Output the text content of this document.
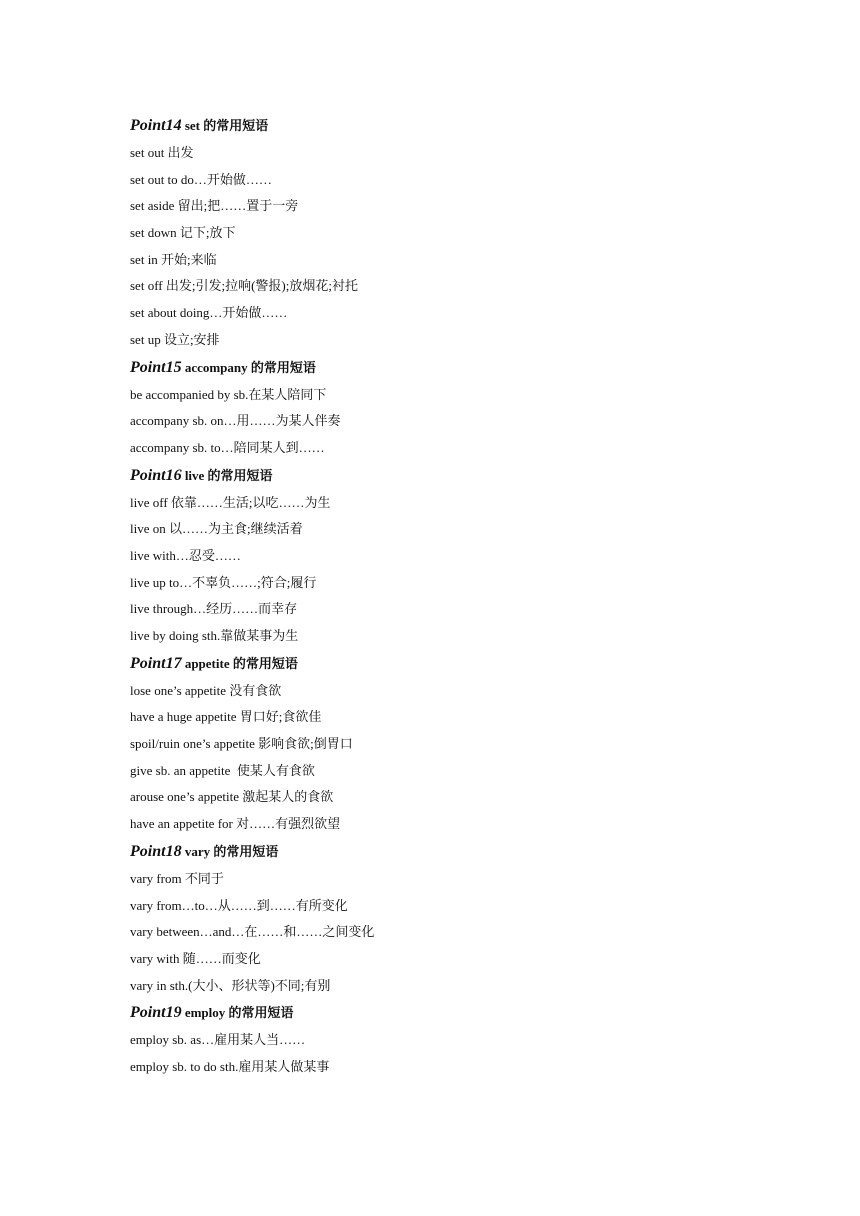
Point14 set 的常用短语
set out 出发
set out to do…开始做……
set aside 留出;把……置于一旁
set down 记下;放下
set in 开始;来临
set off 出发;引发;拉响(警报);放烟花;衬托
set about doing…开始做……
set up 设立;安排
Point15 accompany 的常用短语
be accompanied by sb.在某人陪同下
accompany sb. on…用……为某人伴奏
accompany sb. to…陪同某人到……
Point16 live 的常用短语
live off 依靠……生活;以吃……为生
live on 以……为主食;继续活着
live with…忍受……
live up to…不辜负……;符合;履行
live through…经历……而幸存
live by doing sth.靠做某事为生
Point17 appetite 的常用短语
lose one’s appetite 没有食欲
have a huge appetite 胃口好;食欲佳
spoil/ruin one’s appetite 影响食欲;倒胃口
give sb. an appetite  使某人有食欲
arouse one’s appetite 激起某人的食欲
have an appetite for 对……有强烈欲望
Point18 vary 的常用短语
vary from 不同于
vary from…to…从……到……有所变化
vary between…and…在……和……之间变化
vary with 随……而变化
vary in sth.(大小、形状等)不同;有别
Point19 employ 的常用短语
employ sb. as…雇用某人当……
employ sb. to do sth.雇用某人做某事
